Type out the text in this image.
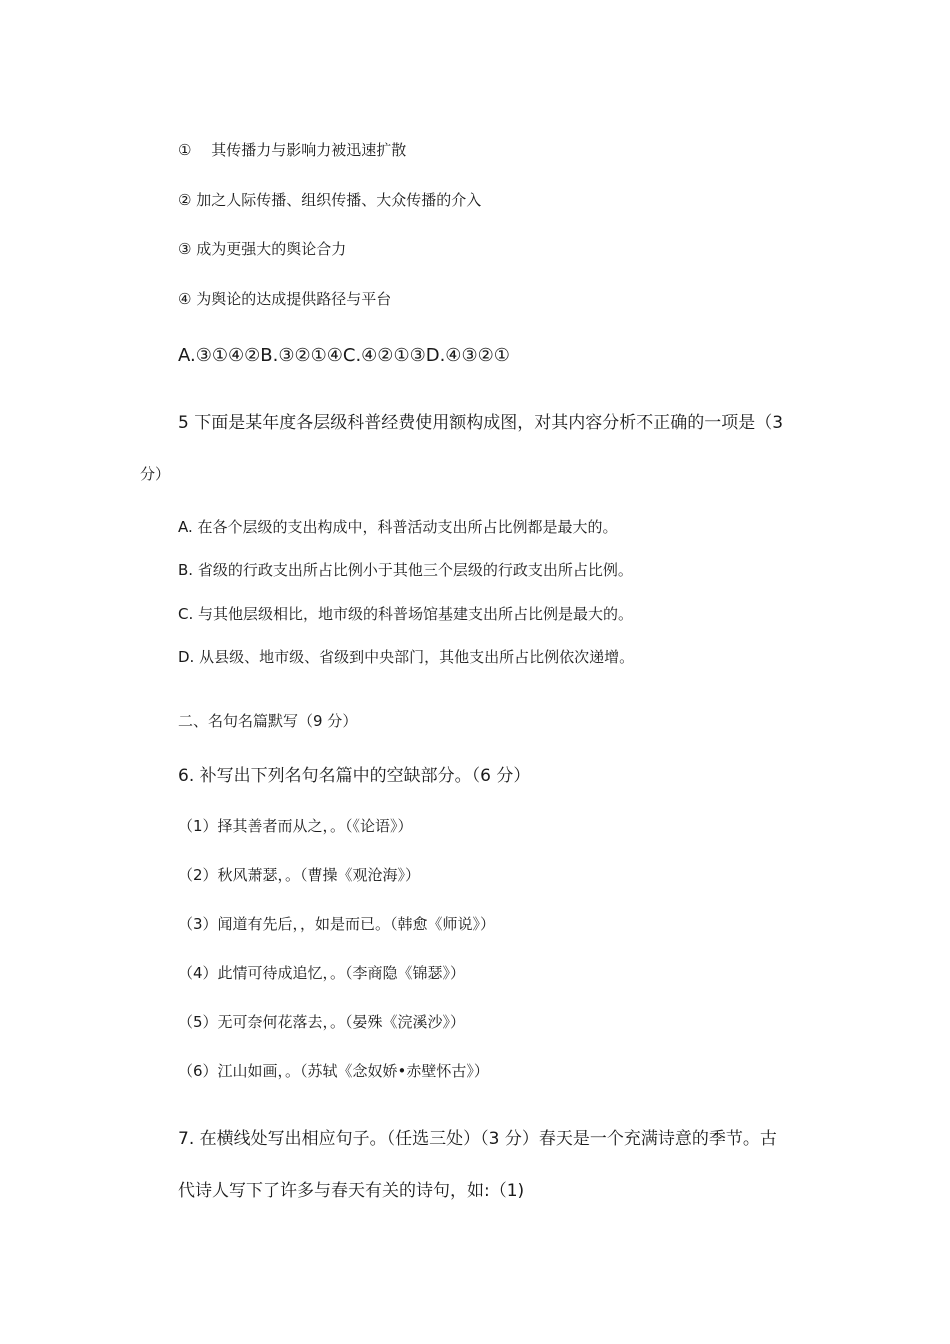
①　 其传播力与影响力被迅速扩散
② 加之人际传播、组织传播、大众传播的介入
③ 成为更强大的舆论合力
④ 为舆论的达成提供路径与平台
A.③①④②B.③②①④C.④②①③D.④③②①
5 下面是某年度各层级科普经费使用额构成图，对其内容分析不正确的一项是（3
分）
A. 在各个层级的支出构成中，科普活动支出所占比例都是最大的。
B. 省级的行政支出所占比例小于其他三个层级的行政支出所占比例。
C. 与其他层级相比，地市级的科普场馆基建支出所占比例是最大的。
D. 从县级、地市级、省级到中央部门，其他支出所占比例依次递增。
二、名句名篇默写（9 分）
6. 补写出下列名句名篇中的空缺部分。（6 分）
（1）择其善者而从之，。（《论语》）
（2）秋风萧瑟，。（曹操《观沧海》）
（3）闻道有先后，，如是而已。（韩愈《师说》）
（4）此情可待成追忆，。（李商隐《锦瑟》）
（5）无可奈何花落去，。（晏殊《浣溪沙》）
（6）江山如画，。（苏轼《念奴娇•赤壁怀古》）
7. 在横线处写出相应句子。（任选三处）（3 分）春天是一个充满诗意的季节。古
代诗人写下了许多与春天有关的诗句，如:（1)
